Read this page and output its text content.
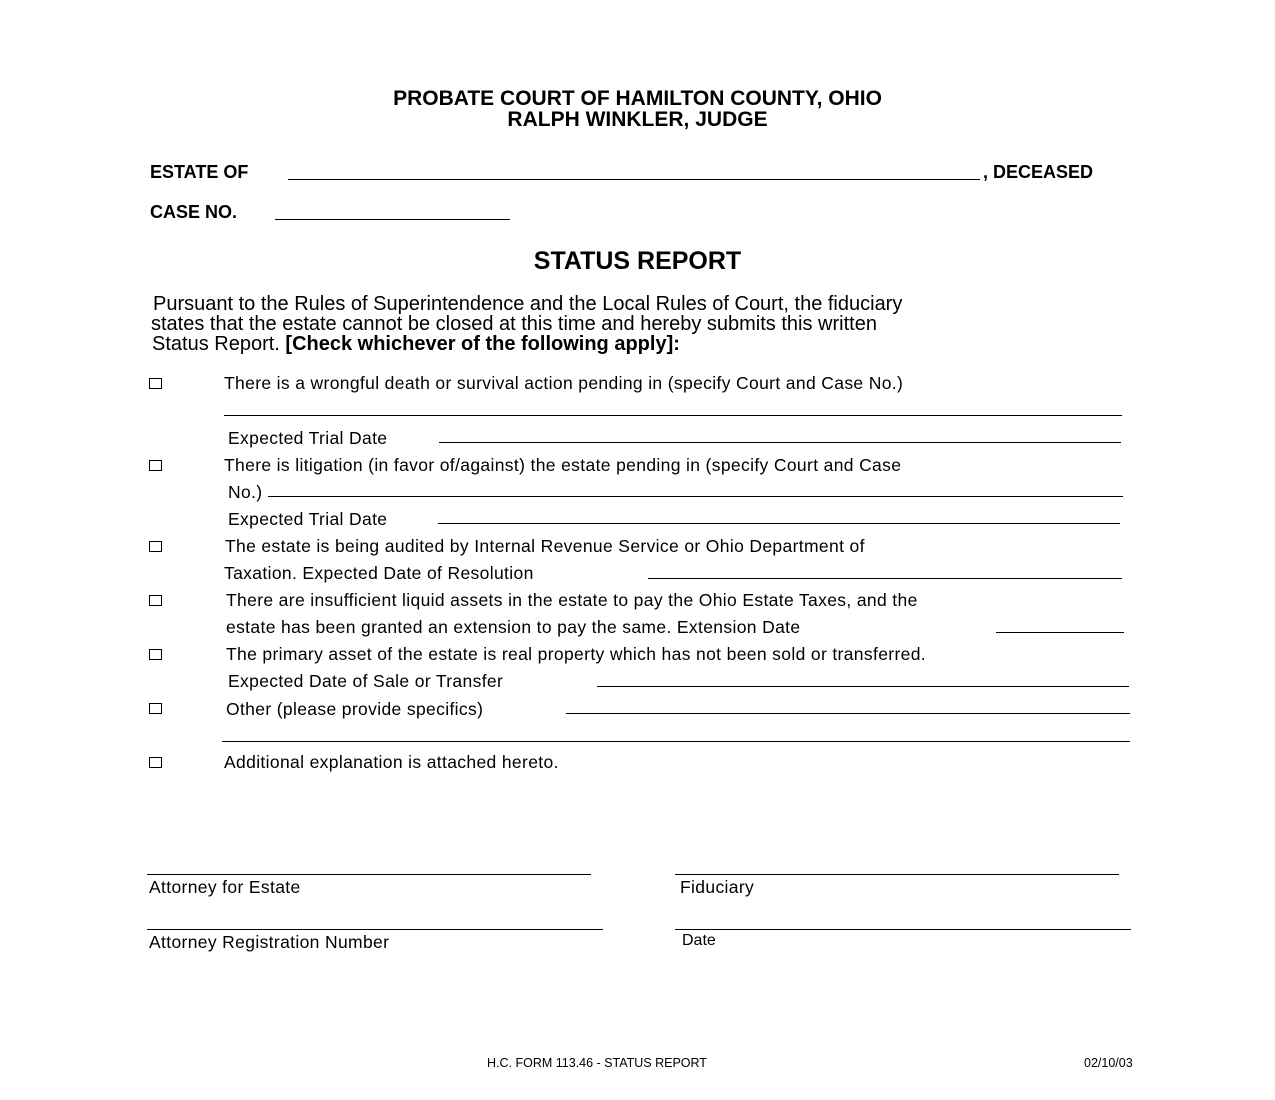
PROBATE COURT OF HAMILTON COUNTY, OHIO
RALPH WINKLER, JUDGE
ESTATE OF	, DECEASED
CASE NO.
STATUS REPORT
Pursuant to the Rules of Superintendence and the Local Rules of Court, the fiduciary
states that the estate cannot be closed at this time and hereby submits this written
Status Report. [Check whichever of the following apply]:
There is a wrongful death or survival action pending in (specify Court and Case No.)
Expected Trial Date
There is litigation (in favor of/against) the estate pending in (specify Court and Case
No.)
Expected Trial Date
The estate is being audited by Internal Revenue Service or Ohio Department of
Taxation. Expected Date of Resolution
There are insufficient liquid assets in the estate to pay the Ohio Estate Taxes, and the
estate has been granted an extension to pay the same. Extension Date
The primary asset of the estate is real property which has not been sold or transferred.
Expected Date of Sale or Transfer
Other (please provide specifics)
Additional explanation is attached hereto.
Attorney for Estate	Fiduciary
Attorney Registration Number	Date
H.C. FORM 113.46 - STATUS REPORT	02/10/03
